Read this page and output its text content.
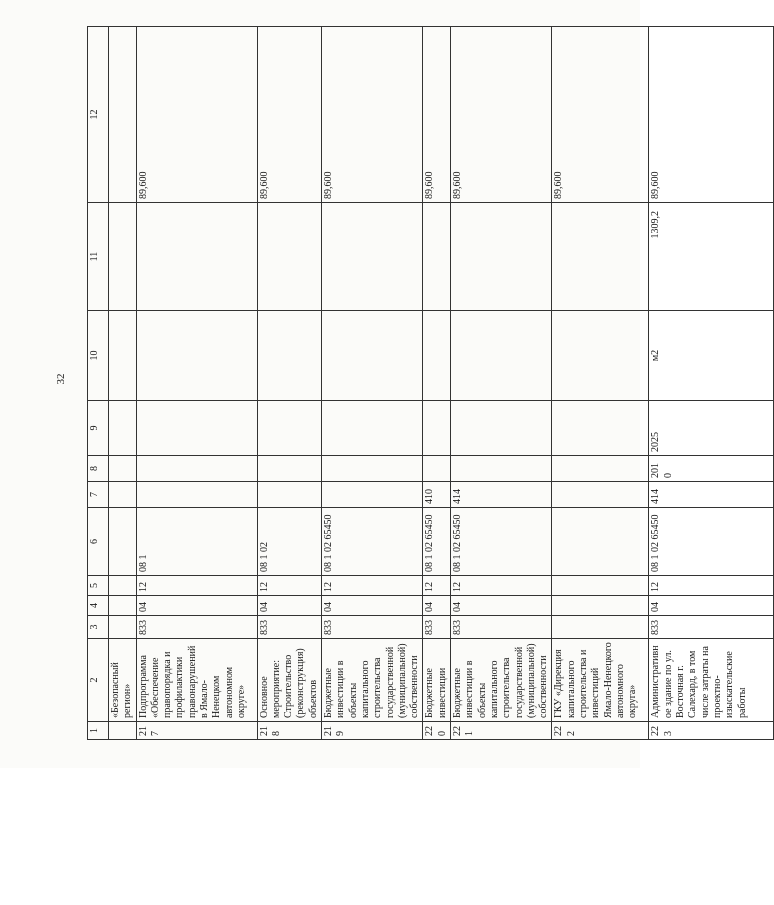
32
1	2	3	4	5	6	7	8	9	10	11	12
	«Безопасный регион»										
217	Подпрограмма «Обеспечение правопорядка и профилактики правонарушений в Ямало-Ненецком автономном округе»	833	04	12	08 1						89,600
218	Основное мероприятие: Строительство (реконструкция) объектов	833	04	12	08 1 02						89,600
219	Бюджетные инвестиции в объекты капитального строительства государственной (муниципальной) собственности	833	04	12	08 1 02 65450						89,600
220	Бюджетные инвестиции	833	04	12	08 1 02 65450	410					89,600
221	Бюджетные инвестиции в объекты капитального строительства государственной (муниципальной) собственности	833	04	12	08 1 02 65450	414					89,600
222	ГКУ «Дирекция капитального строительства и инвестиций Ямало-Ненецкого автономного округа»										89,600
223	Административное здание по ул. Восточная г. Салехард, в том числе затраты на проектно-изыскательские работы	833	04	12	08 1 02 65450	414	2010	2025	м2	1309,2	89,600
